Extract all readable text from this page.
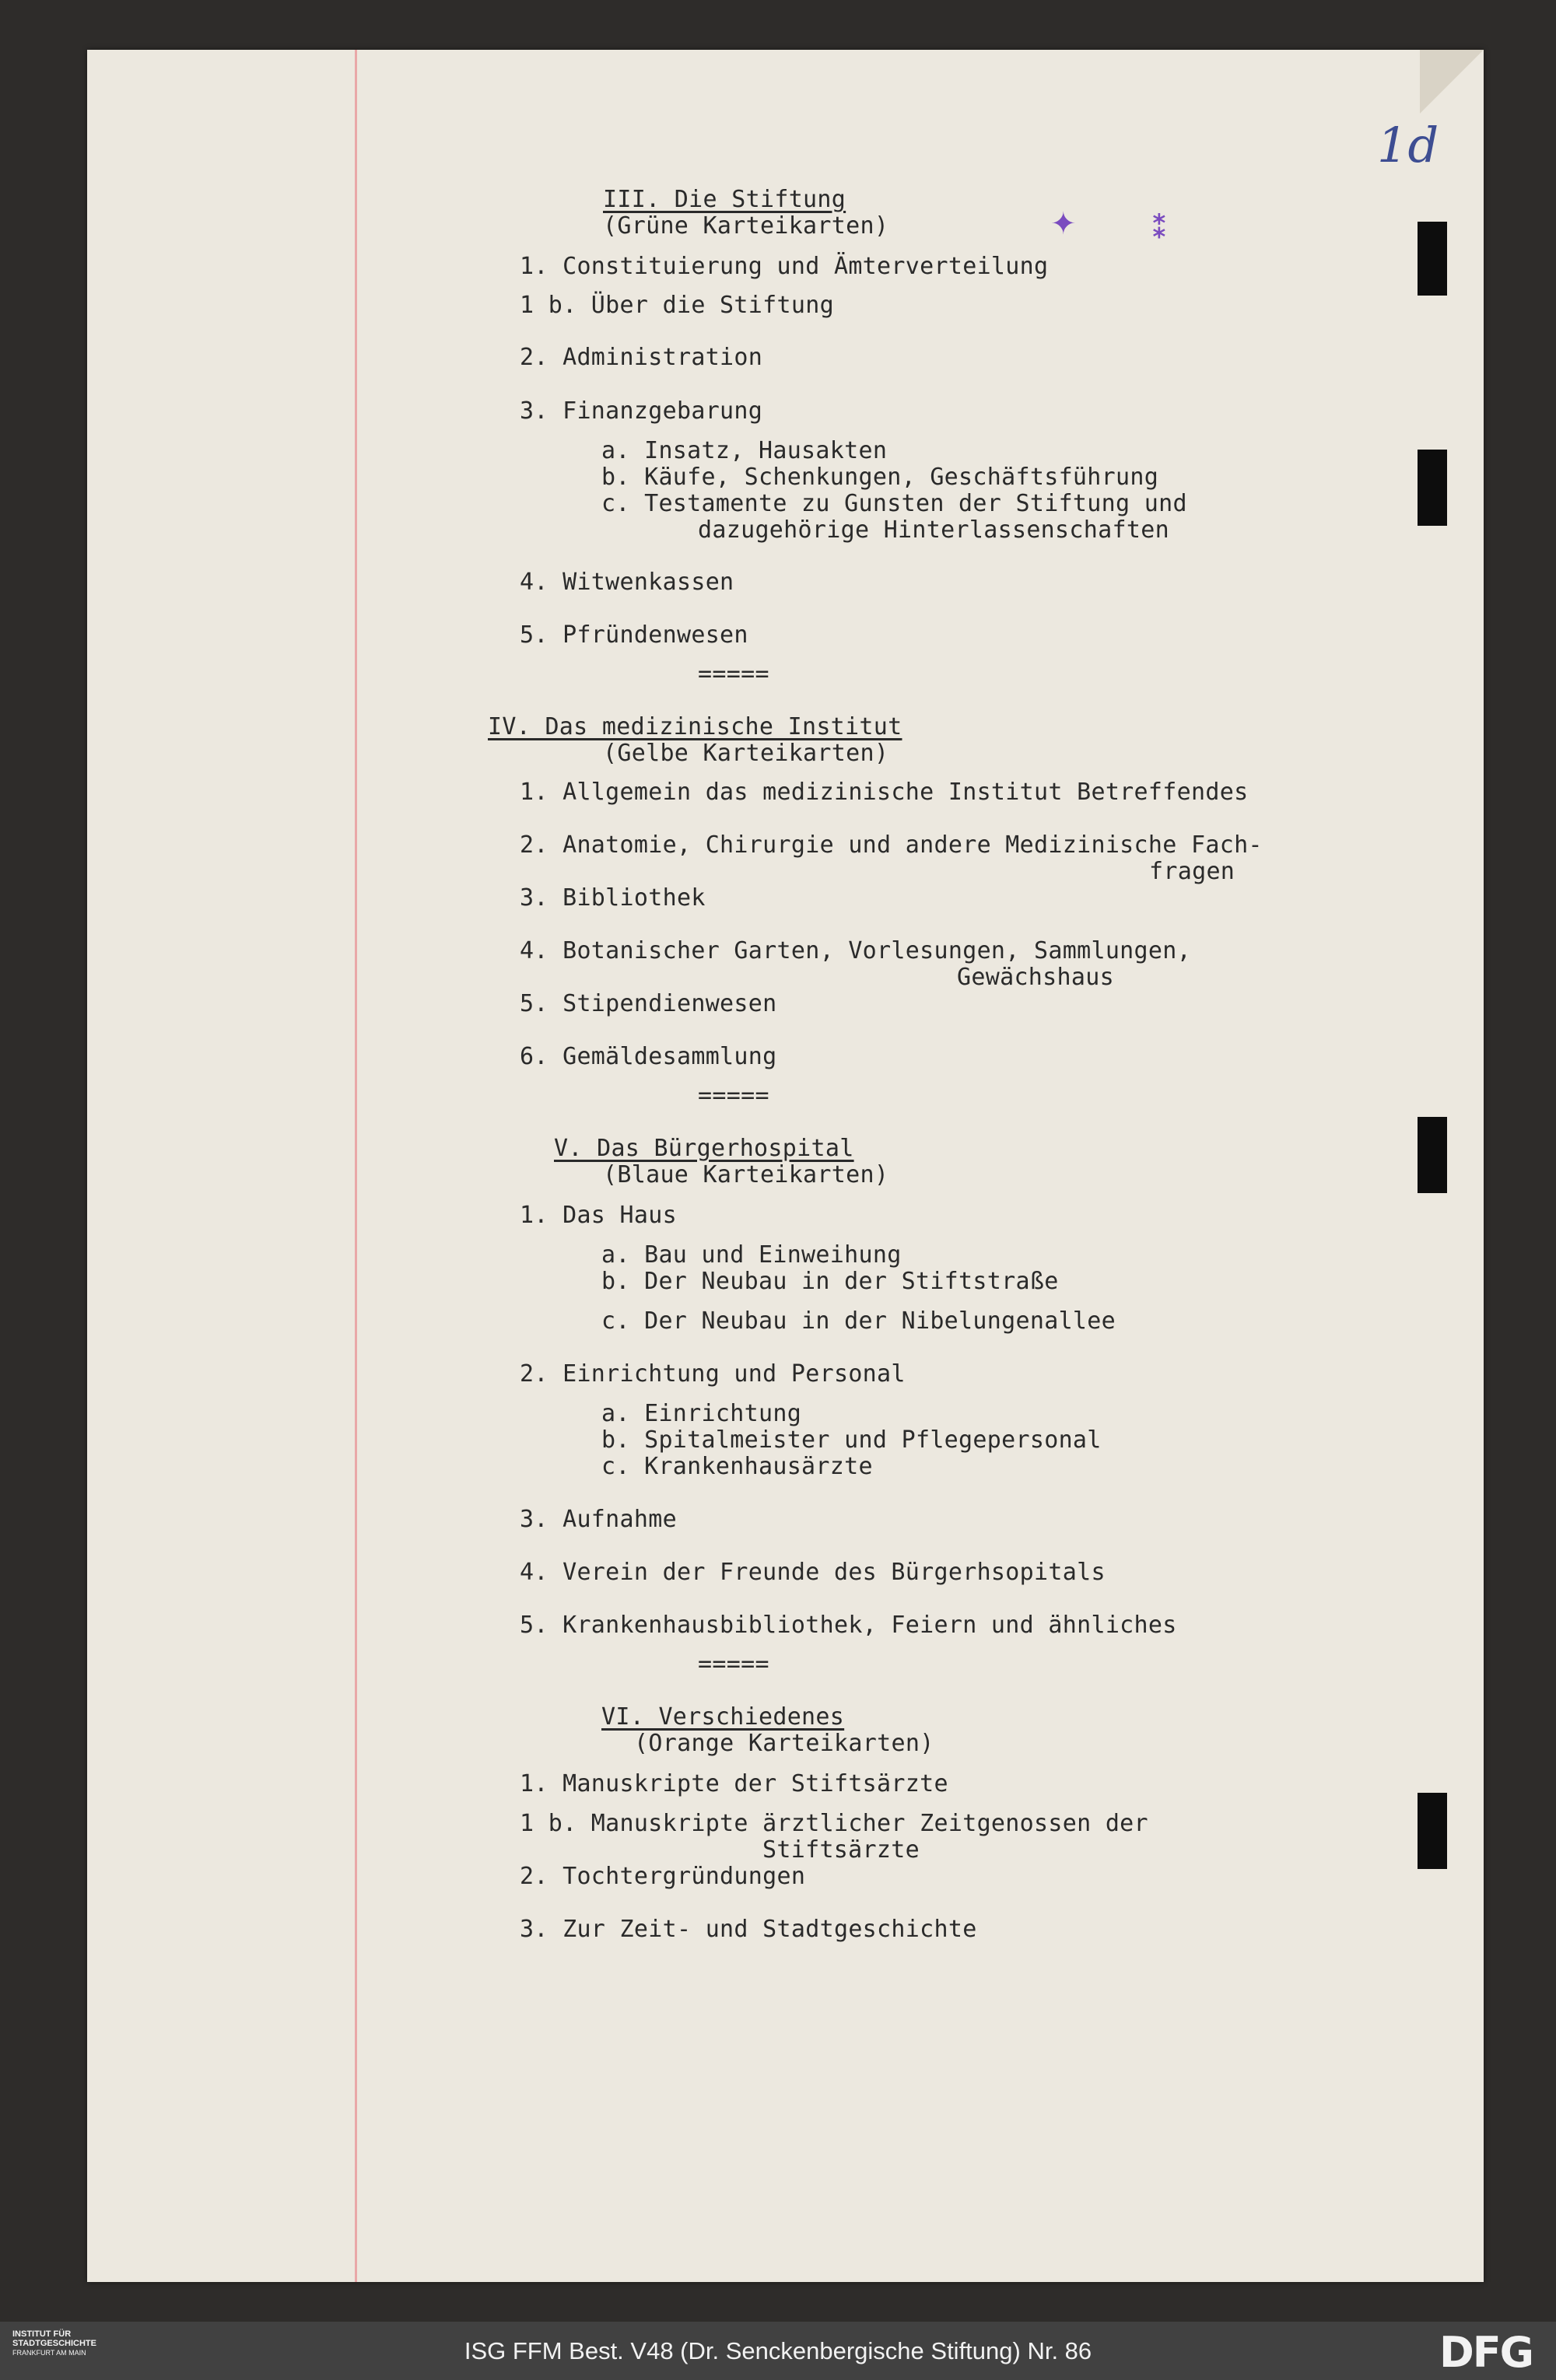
1d
✦ ⁑
III. Die Stiftung
(Grüne Karteikarten)
1. Constituierung und Ämterverteilung
1 b. Über die Stiftung
2. Administration
3. Finanzgebarung
a. Insatz, Hausakten
b. Käufe, Schenkungen, Geschäftsführung
c. Testamente zu Gunsten der Stiftung und
dazugehörige Hinterlassenschaften
4. Witwenkassen
5. Pfründenwesen
=====
IV. Das medizinische Institut
(Gelbe Karteikarten)
1. Allgemein das medizinische Institut Betreffendes
2. Anatomie, Chirurgie und andere Medizinische Fach-
fragen
3. Bibliothek
4. Botanischer Garten, Vorlesungen, Sammlungen,
Gewächshaus
5. Stipendienwesen
6. Gemäldesammlung
=====
V. Das Bürgerhospital
(Blaue Karteikarten)
1. Das Haus
a. Bau und Einweihung
b. Der Neubau in der Stiftstraße
c. Der Neubau in der Nibelungenallee
2. Einrichtung und Personal
a. Einrichtung
b. Spitalmeister und Pflegepersonal
c. Krankenhausärzte
3. Aufnahme
4. Verein der Freunde des Bürgerhsopitals
5. Krankenhausbibliothek, Feiern und ähnliches
=====
VI. Verschiedenes
(Orange Karteikarten)
1. Manuskripte der Stiftsärzte
1 b. Manuskripte ärztlicher Zeitgenossen der
Stiftsärzte
2. Tochtergründungen
3. Zur Zeit- und Stadtgeschichte
INSTITUT FÜR
STADTGESCHICHTE
FRANKFURT AM MAIN	ISG FFM Best. V48 (Dr. Senckenbergische Stiftung) Nr. 86	DFG
